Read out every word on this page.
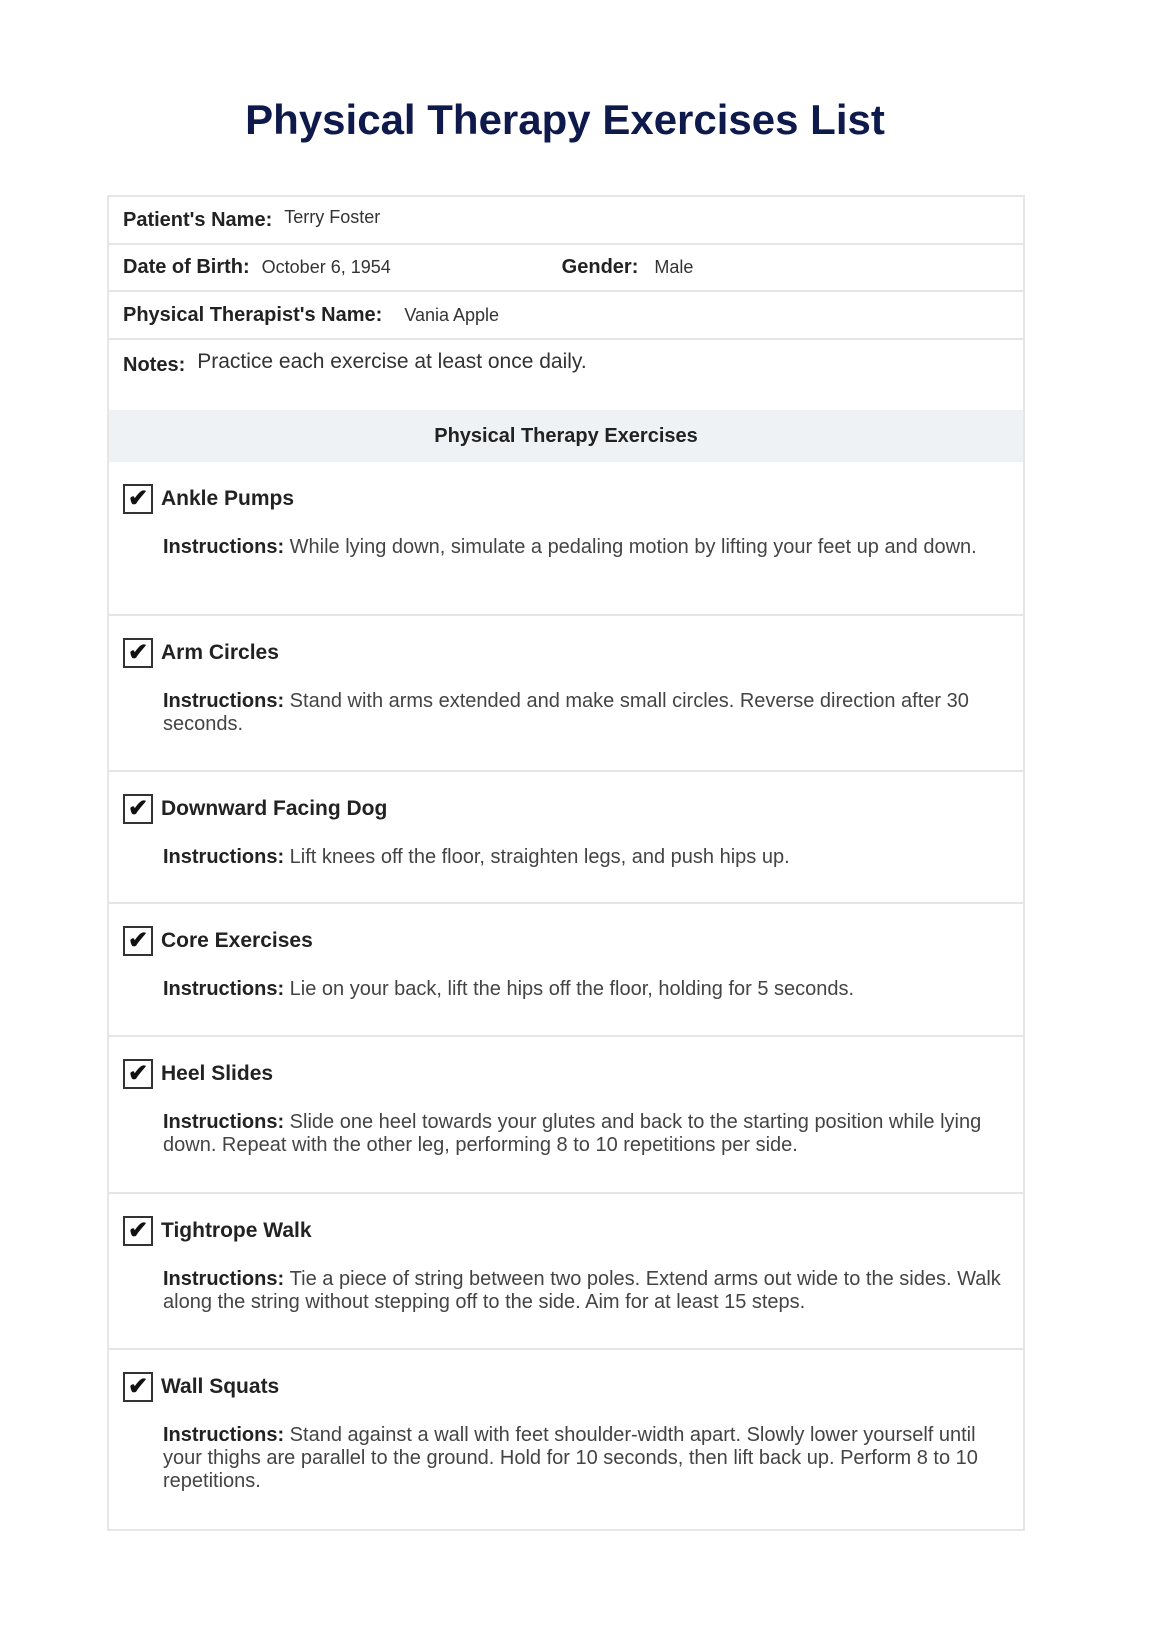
Physical Therapy Exercises List
Patient's Name: Terry Foster
Date of Birth: October 6, 1954	Gender: Male
Physical Therapist's Name: Vania Apple
Notes: Practice each exercise at least once daily.
Physical Therapy Exercises
✔ Ankle Pumps
Instructions: While lying down, simulate a pedaling motion by lifting your feet up and down.
✔ Arm Circles
Instructions: Stand with arms extended and make small circles. Reverse direction after 30 seconds.
✔ Downward Facing Dog
Instructions: Lift knees off the floor, straighten legs, and push hips up.
✔ Core Exercises
Instructions: Lie on your back, lift the hips off the floor, holding for 5 seconds.
✔ Heel Slides
Instructions: Slide one heel towards your glutes and back to the starting position while lying down. Repeat with the other leg, performing 8 to 10 repetitions per side.
✔ Tightrope Walk
Instructions: Tie a piece of string between two poles. Extend arms out wide to the sides. Walk along the string without stepping off to the side. Aim for at least 15 steps.
✔ Wall Squats
Instructions: Stand against a wall with feet shoulder-width apart. Slowly lower yourself until your thighs are parallel to the ground. Hold for 10 seconds, then lift back up. Perform 8 to 10 repetitions.
